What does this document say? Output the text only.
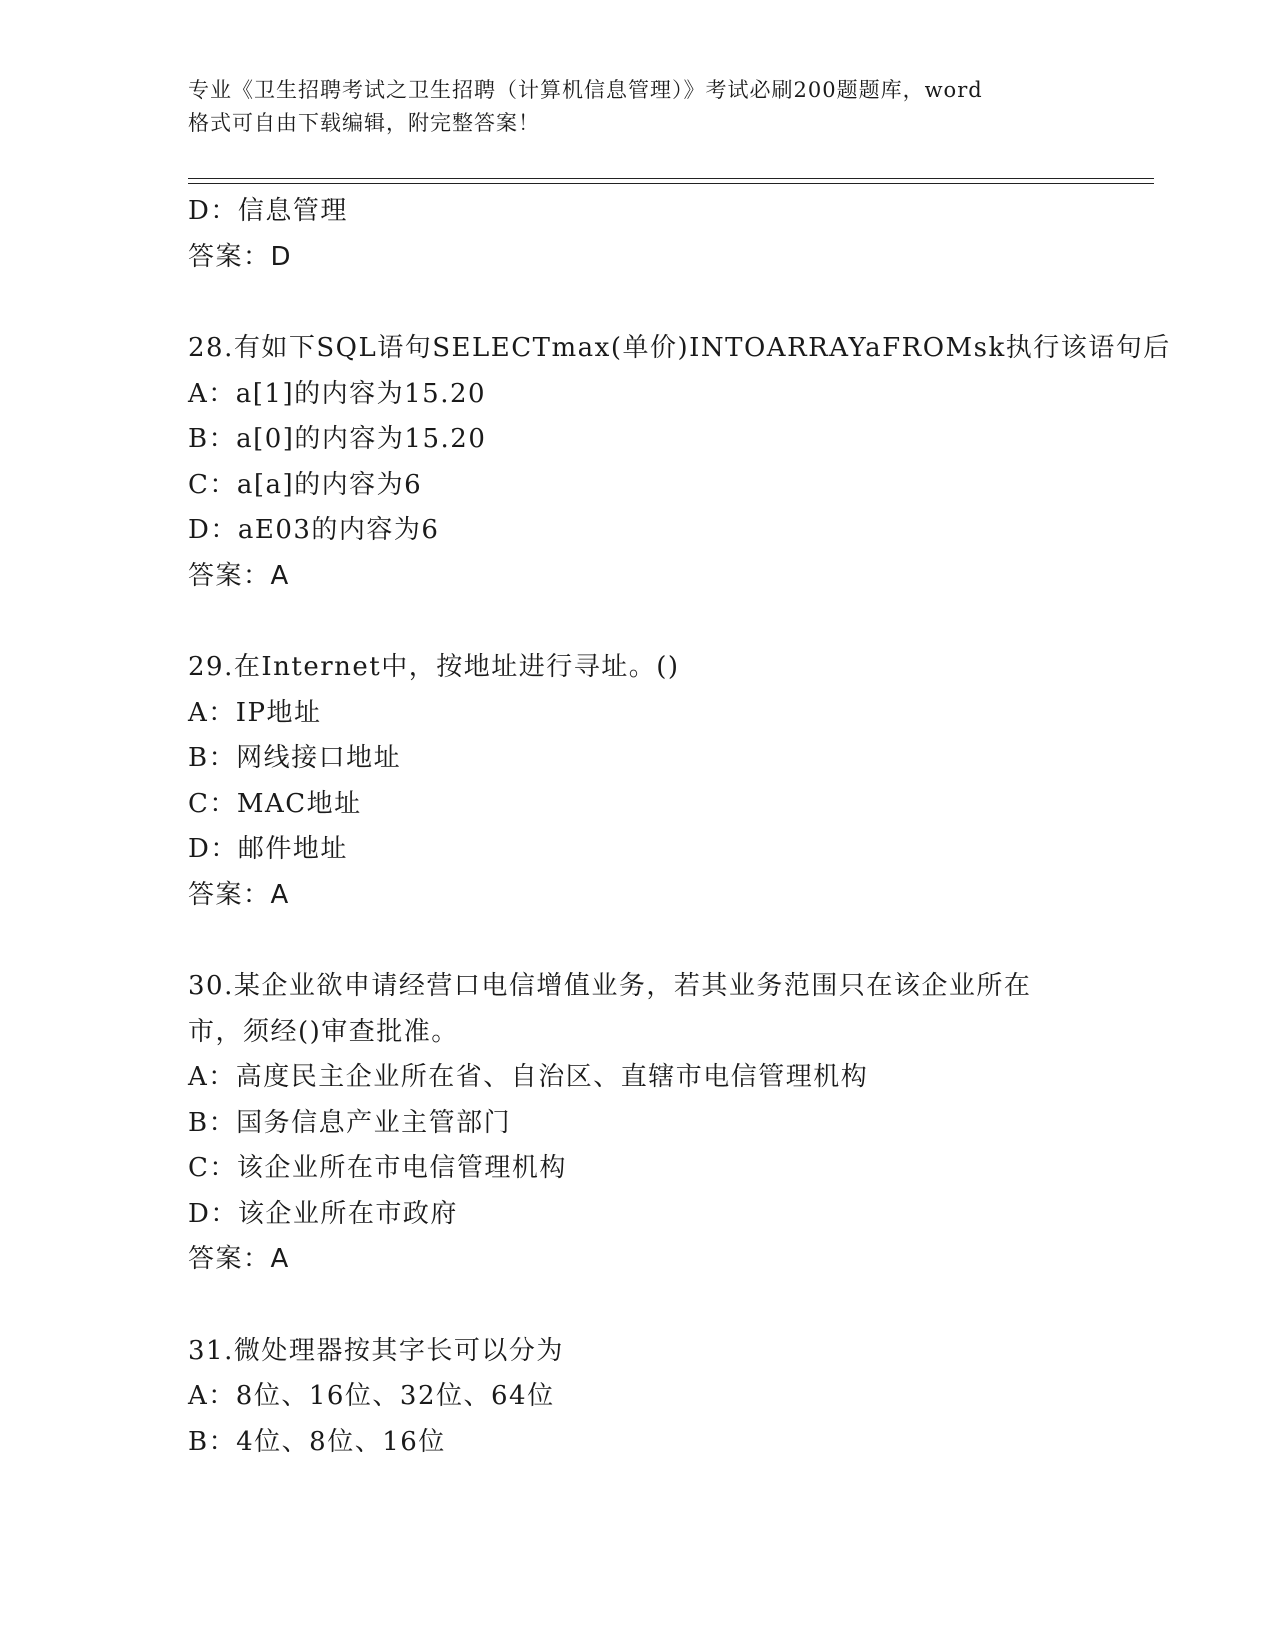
专业《卫生招聘考试之卫生招聘（计算机信息管理）》考试必刷200题题库，word
格式可自由下载编辑，附完整答案！
D：信息管理
答案：D
28.有如下SQL语句SELECTmax(单价)INTOARRAYaFROMsk执行该语句后
A：a[1]的内容为15.20
B：a[0]的内容为15.20
C：a[a]的内容为6
D：aE03的内容为6
答案：A
29.在Internet中，按地址进行寻址。()
A：IP地址
B：网线接口地址
C：MAC地址
D：邮件地址
答案：A
30.某企业欲申请经营口电信增值业务，若其业务范围只在该企业所在
市，须经()审查批准。
A：高度民主企业所在省、自治区、直辖市电信管理机构
B：国务信息产业主管部门
C：该企业所在市电信管理机构
D：该企业所在市政府
答案：A
31.微处理器按其字长可以分为
A：8位、16位、32位、64位
B：4位、8位、16位
